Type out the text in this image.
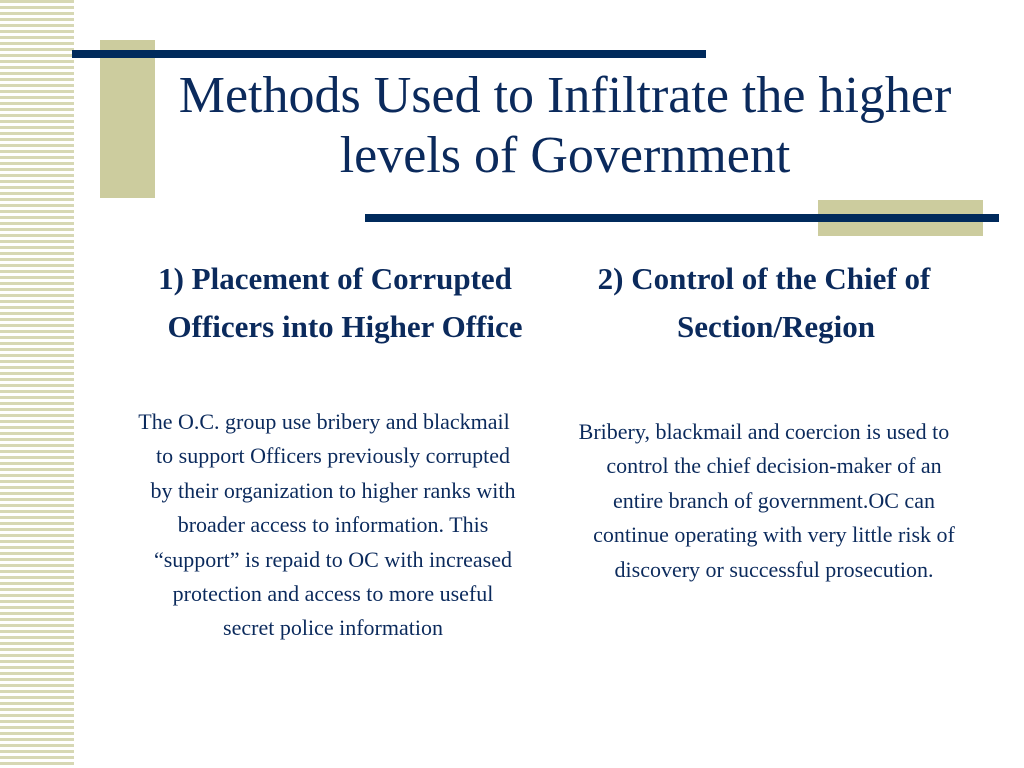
Methods Used to Infiltrate the higher levels of Government
1) Placement of Corrupted Officers into Higher Office

The O.C. group use bribery and blackmail to support Officers previously corrupted by their organization to higher ranks with broader access to information. This “support” is repaid to OC with increased protection and access to more useful secret police information

2) Control of the Chief of Section/Region

Bribery, blackmail and coercion is used to control the chief decision-maker of an entire branch of government.OC can continue operating with very little risk of discovery or successful prosecution.
